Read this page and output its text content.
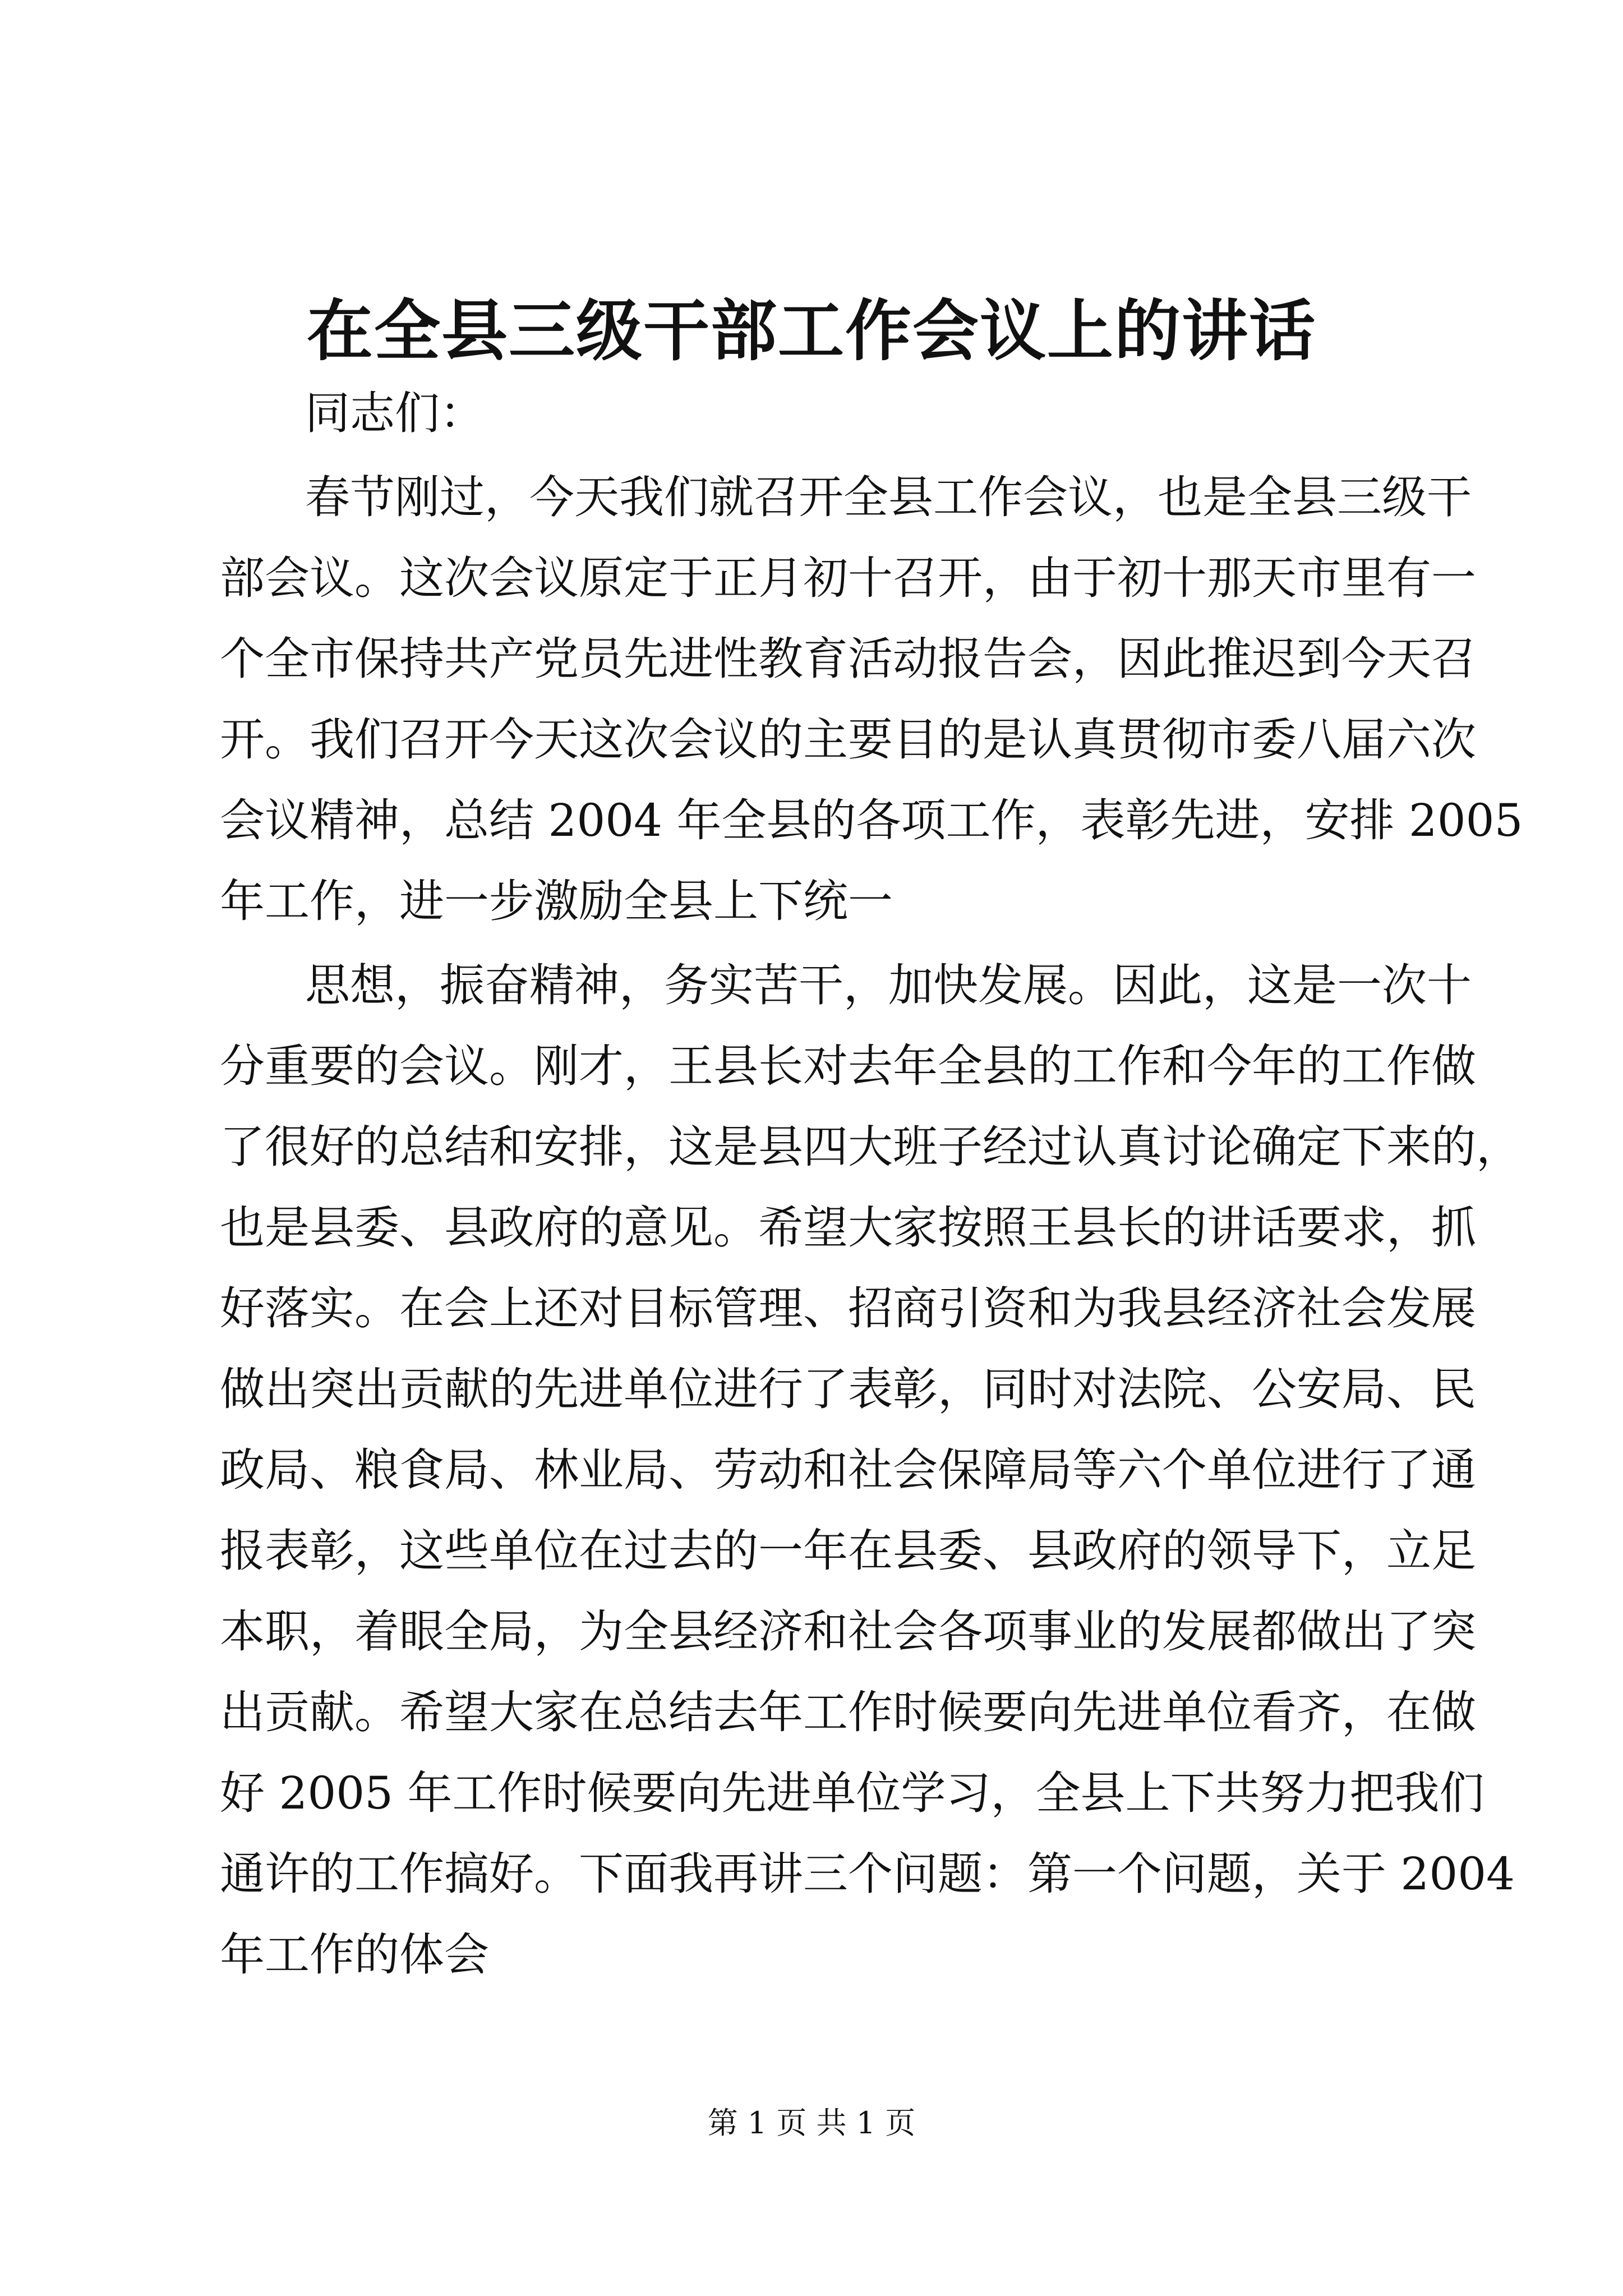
在全县三级干部工作会议上的讲话
同志们：
春节刚过，今天我们就召开全县工作会议，也是全县三级干
部会议。这次会议原定于正月初十召开，由于初十那天市里有一
个全市保持共产党员先进性教育活动报告会，因此推迟到今天召
开。我们召开今天这次会议的主要目的是认真贯彻市委八届六次
会议精神，总结 2004 年全县的各项工作，表彰先进，安排 2005
年工作，进一步激励全县上下统一
思想，振奋精神，务实苦干，加快发展。因此，这是一次十
分重要的会议。刚才，王县长对去年全县的工作和今年的工作做
了很好的总结和安排，这是县四大班子经过认真讨论确定下来的，
也是县委、县政府的意见。希望大家按照王县长的讲话要求，抓
好落实。在会上还对目标管理、招商引资和为我县经济社会发展
做出突出贡献的先进单位进行了表彰，同时对法院、公安局、民
政局、粮食局、林业局、劳动和社会保障局等六个单位进行了通
报表彰，这些单位在过去的一年在县委、县政府的领导下，立足
本职，着眼全局，为全县经济和社会各项事业的发展都做出了突
出贡献。希望大家在总结去年工作时候要向先进单位看齐，在做
好 2005 年工作时候要向先进单位学习，全县上下共努力把我们
通许的工作搞好。下面我再讲三个问题：第一个问题，关于 2004
年工作的体会
第 1 页 共 1 页
